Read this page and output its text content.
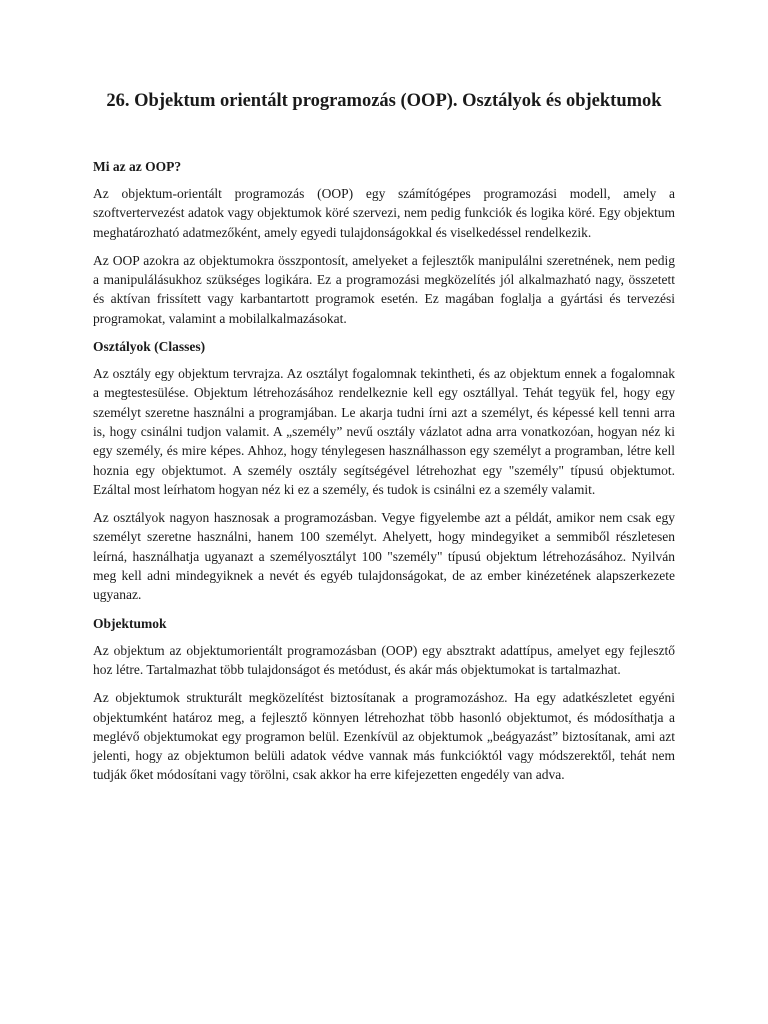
26. Objektum orientált programozás (OOP). Osztályok és objektumok
Mi az az OOP?

Az objektum-orientált programozás (OOP) egy számítógépes programozási modell, amely a szoftvertervezést adatok vagy objektumok köré szervezi, nem pedig funkciók és logika köré. Egy objektum meghatározható adatmezőként, amely egyedi tulajdonságokkal és viselkedéssel rendelkezik.

Az OOP azokra az objektumokra összpontosít, amelyeket a fejlesztők manipulálni szeretnének, nem pedig a manipulálásukhoz szükséges logikára. Ez a programozási megközelítés jól alkalmazható nagy, összetett és aktívan frissített vagy karbantartott programok esetén. Ez magában foglalja a gyártási és tervezési programokat, valamint a mobilalkalmazásokat.

Osztályok (Classes)

Az osztály egy objektum tervrajza. Az osztályt fogalomnak tekintheti, és az objektum ennek a fogalomnak a megtestesülése. Objektum létrehozásához rendelkeznie kell egy osztállyal. Tehát tegyük fel, hogy egy személyt szeretne használni a programjában. Le akarja tudni írni azt a személyt, és képessé kell tenni arra is, hogy csinálni tudjon valamit. A „személy” nevű osztály vázlatot adna arra vonatkozóan, hogyan néz ki egy személy, és mire képes. Ahhoz, hogy ténylegesen használhasson egy személyt a programban, létre kell hoznia egy objektumot. A személy osztály segítségével létrehozhat egy "személy" típusú objektumot. Ezáltal most leírhatom hogyan néz ki ez a személy, és tudok is csinálni ez a személy valamit.

Az osztályok nagyon hasznosak a programozásban. Vegye figyelembe azt a példát, amikor nem csak egy személyt szeretne használni, hanem 100 személyt. Ahelyett, hogy mindegyiket a semmiből részletesen leírná, használhatja ugyanazt a személyosztályt 100 "személy" típusú objektum létrehozásához. Nyilván meg kell adni mindegyiknek a nevét és egyéb tulajdonságokat, de az ember kinézetének alapszerkezete ugyanaz.

Objektumok

Az objektum az objektumorientált programozásban (OOP) egy absztrakt adattípus, amelyet egy fejlesztő hoz létre. Tartalmazhat több tulajdonságot és metódust, és akár más objektumokat is tartalmazhat.

Az objektumok strukturált megközelítést biztosítanak a programozáshoz. Ha egy adatkészletet egyéni objektumként határoz meg, a fejlesztő könnyen létrehozhat több hasonló objektumot, és módosíthatja a meglévő objektumokat egy programon belül. Ezenkívül az objektumok „beágyazást” biztosítanak, ami azt jelenti, hogy az objektumon belüli adatok védve vannak más funkcióktól vagy módszerektől, tehát nem tudják őket módosítani vagy törölni, csak akkor ha erre kifejezetten engedély van adva.
